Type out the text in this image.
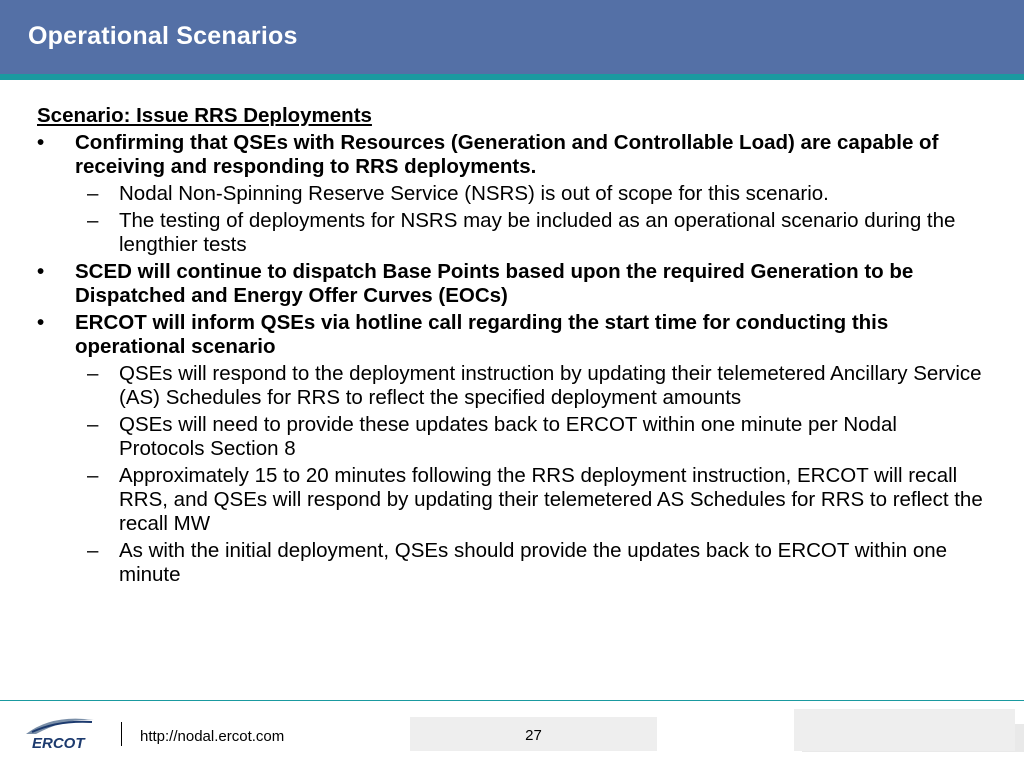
Operational Scenarios
Scenario: Issue RRS Deployments
• Confirming that QSEs with Resources (Generation and Controllable Load) are capable of receiving and responding to RRS deployments.
– Nodal Non-Spinning Reserve Service (NSRS) is out of scope for this scenario.
– The testing of deployments for NSRS may be included as an operational scenario during the lengthier tests
• SCED will continue to dispatch Base Points based upon the required Generation to be Dispatched and Energy Offer Curves (EOCs)
• ERCOT will inform QSEs via hotline call regarding the start time for conducting this operational scenario
– QSEs will respond to the deployment instruction by updating their telemetered Ancillary Service (AS) Schedules for RRS to reflect the specified deployment amounts
– QSEs will need to provide these updates back to ERCOT within one minute per Nodal Protocols Section 8
– Approximately 15 to 20 minutes following the RRS deployment instruction, ERCOT will recall RRS, and QSEs will respond by updating their telemetered AS Schedules for RRS to reflect the recall MW
– As with the initial deployment, QSEs should provide the updates back to ERCOT within one minute
ERCOT	http://nodal.ercot.com	27
